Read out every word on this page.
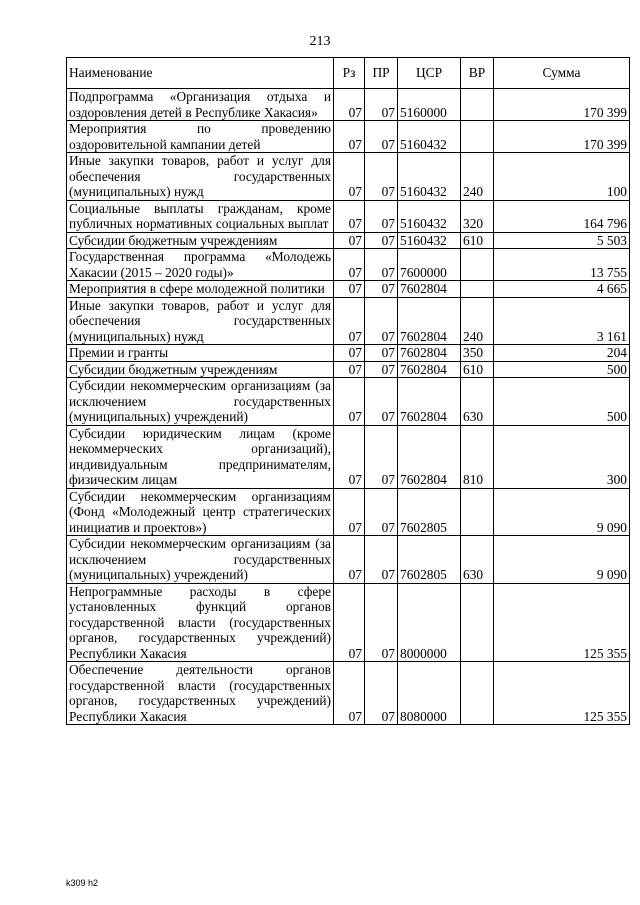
213
Наименование	Рз	ПР	ЦСР	ВР	Сумма
Подпрограмма «Организация отдыха и оздоровления детей в Республике Хакасия»	07	07	5160000		170 399
Мероприятия по проведению оздоровительной кампании детей	07	07	5160432		170 399
Иные закупки товаров, работ и услуг для обеспечения государственных (муниципальных) нужд	07	07	5160432	240	100
Социальные выплаты гражданам, кроме публичных нормативных социальных выплат	07	07	5160432	320	164 796
Субсидии бюджетным учреждениям	07	07	5160432	610	5 503
Государственная программа «Молодежь Хакасии (2015 – 2020 годы)»	07	07	7600000		13 755
Мероприятия в сфере молодежной политики	07	07	7602804		4 665
Иные закупки товаров, работ и услуг для обеспечения государственных (муниципальных) нужд	07	07	7602804	240	3 161
Премии и гранты	07	07	7602804	350	204
Субсидии бюджетным учреждениям	07	07	7602804	610	500
Субсидии некоммерческим организациям (за исключением государственных (муниципальных) учреждений)	07	07	7602804	630	500
Субсидии юридическим лицам (кроме некоммерческих организаций), индивидуальным предпринимателям, физическим лицам	07	07	7602804	810	300
Субсидии некоммерческим организациям (Фонд «Молодежный центр стратегических инициатив и проектов»)	07	07	7602805		9 090
Субсидии некоммерческим организациям (за исключением государственных (муниципальных) учреждений)	07	07	7602805	630	9 090
Непрограммные расходы в сфере установленных функций органов государственной власти (государственных органов, государственных учреждений) Республики Хакасия	07	07	8000000		125 355
Обеспечение деятельности органов государственной власти (государственных органов, государственных учреждений) Республики Хакасия	07	07	8080000		125 355
k309 h2
